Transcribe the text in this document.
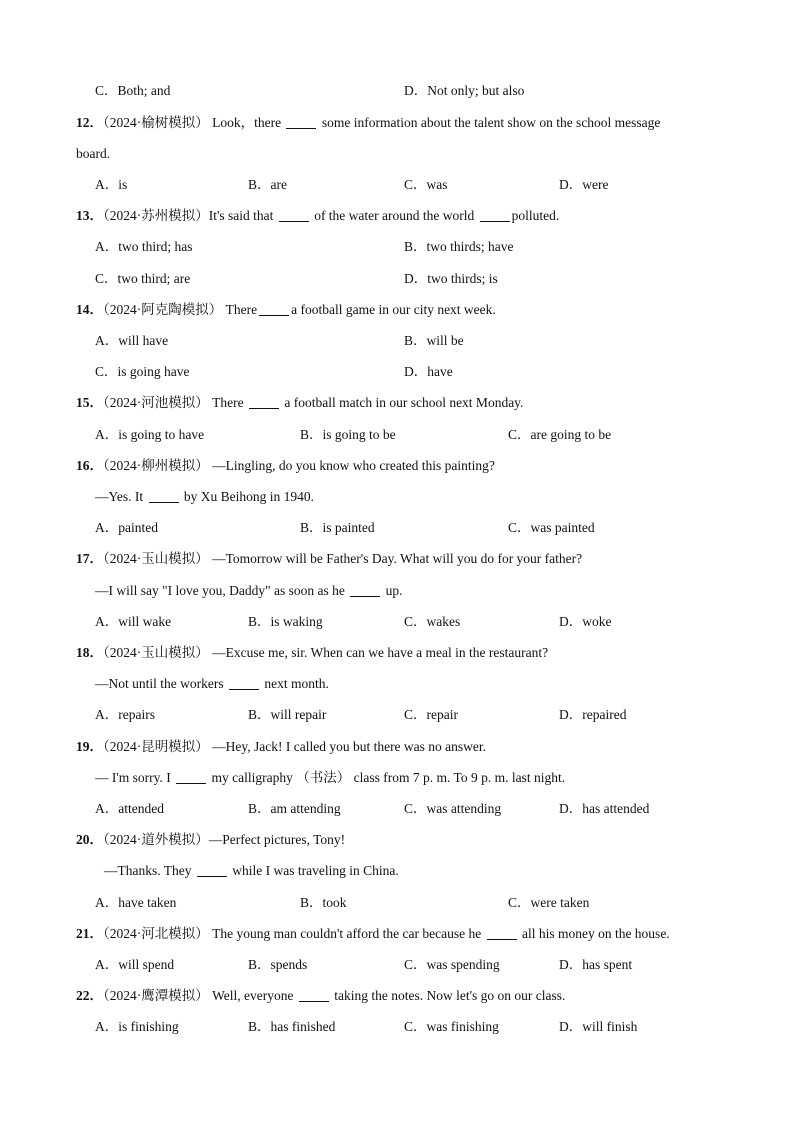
C．Both; and	D．Not only; but also
12．（2024·榆树模拟） Look，there	some information about the talent show on the school message
board.
A．is	B．are	C．was	D．were
13．（2024·苏州模拟）It's said that	of the water around the world	polluted.
A．two third; has	B．two thirds; have
C．two third; are	D．two thirds; is
14．（2024·阿克陶模拟） There	a football game in our city next week.
A．will have	B．will be
C．is going have	D．have
15．（2024·河池模拟） There	a football match in our school next Monday.
A．is going to have	B．is going to be	C．are going to be
16．（2024·柳州模拟） —Lingling, do you know who created this painting?
—Yes. It	by Xu Beihong in 1940.
A．painted	B．is painted	C．was painted
17．（2024·玉山模拟） —Tomorrow will be Father's Day. What will you do for your father?
—I will say "I love you, Daddy" as soon as he	up.
A．will wake	B．is waking	C．wakes	D．woke
18．（2024·玉山模拟） —Excuse me, sir. When can we have a meal in the restaurant?
—Not until the workers	next month.
A．repairs	B．will repair	C．repair	D．repaired
19．（2024·昆明模拟） —Hey, Jack! I called you but there was no answer.
— I'm sorry. I	my calligraphy （书法） class from 7 p. m. To 9 p. m. last night.
A．attended	B．am attending	C．was attending	D．has attended
20．（2024·道外模拟）—Perfect pictures, Tony!
—Thanks. They	while I was traveling in China.
A．have taken	B．took	C．were taken
21．（2024·河北模拟） The young man couldn't afford the car because he	all his money on the house.
A．will spend	B．spends	C．was spending	D．has spent
22．（2024·鹰潭模拟） Well, everyone	taking the notes. Now let's go on our class.
A．is finishing	B．has finished	C．was finishing	D．will finish
